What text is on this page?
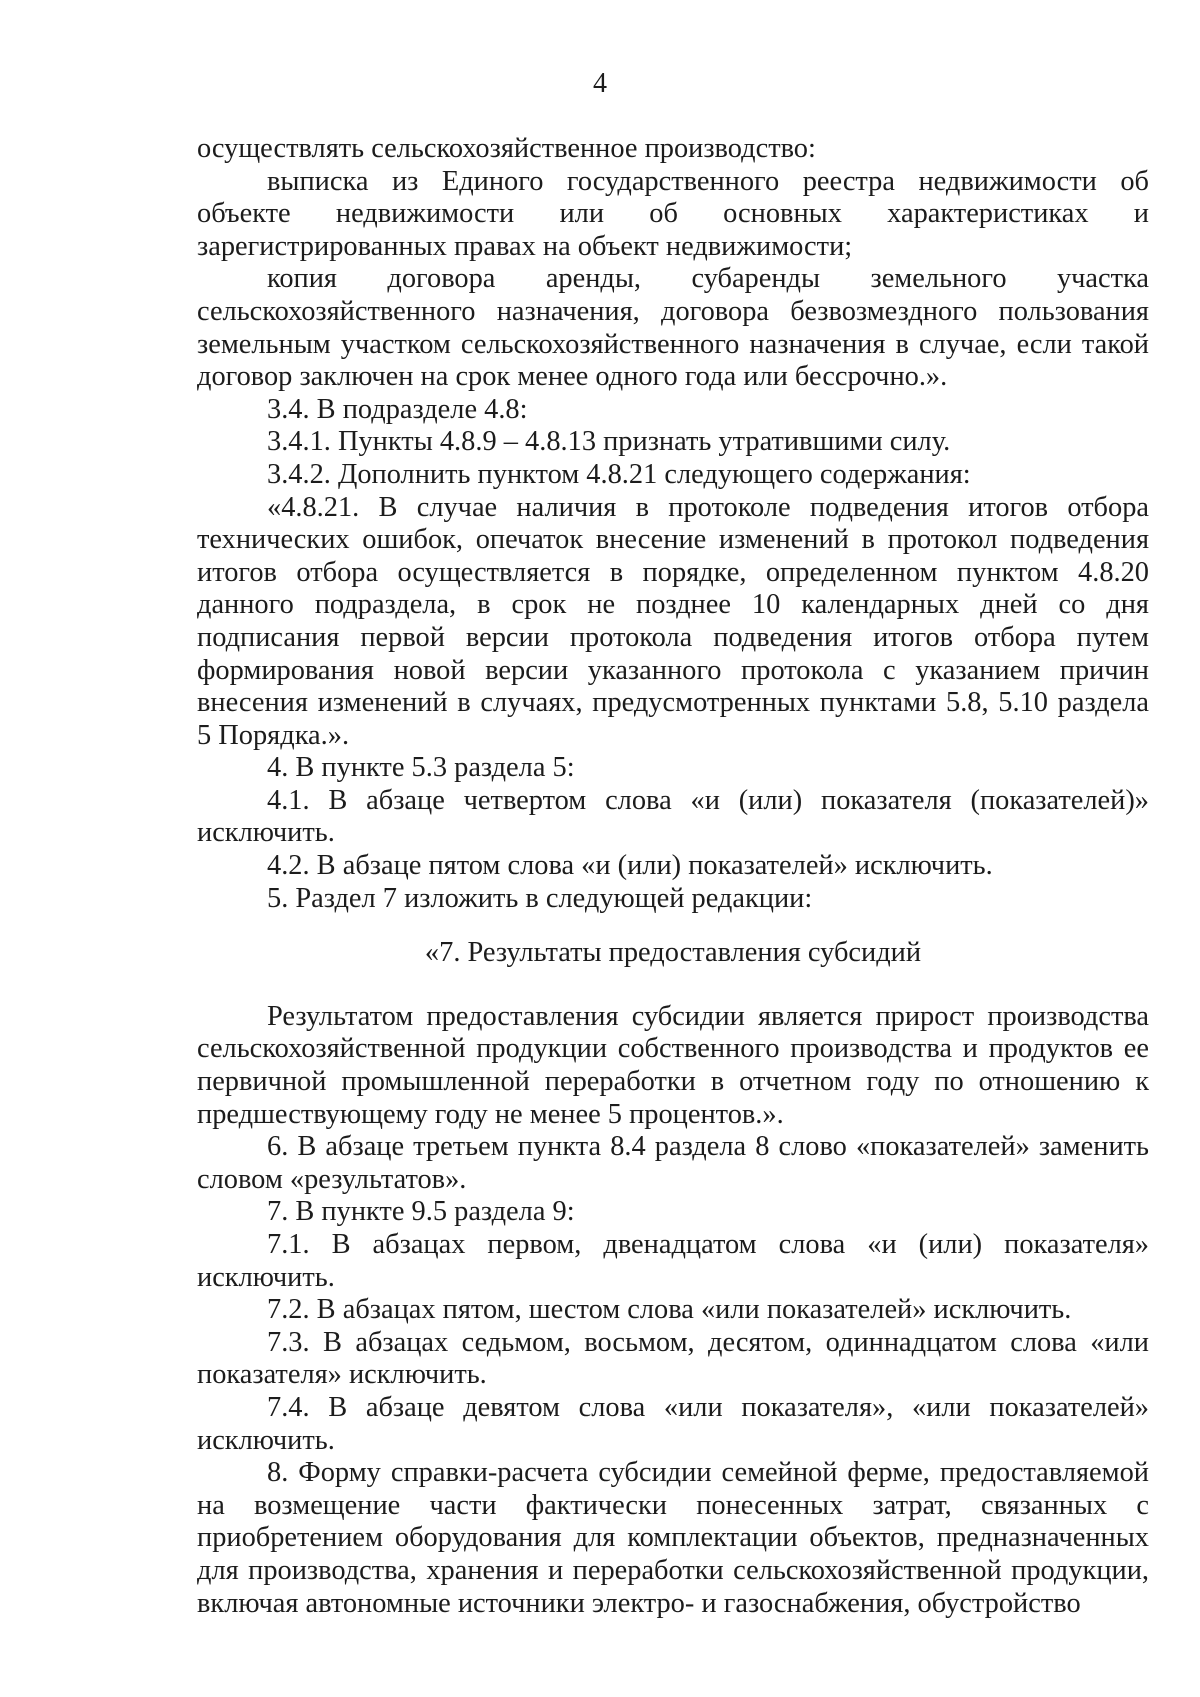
4

осуществлять сельскохозяйственное производство:

выписка из Единого государственного реестра недвижимости об объекте недвижимости или об основных характеристиках и зарегистрированных правах на объект недвижимости;

копия договора аренды, субаренды земельного участка сельскохозяйственного назначения, договора безвозмездного пользования земельным участком сельскохозяйственного назначения в случае, если такой договор заключен на срок менее одного года или бессрочно.».

3.4. В подразделе 4.8:

3.4.1. Пункты 4.8.9 – 4.8.13 признать утратившими силу.

3.4.2. Дополнить пунктом 4.8.21 следующего содержания:

«4.8.21. В случае наличия в протоколе подведения итогов отбора технических ошибок, опечаток внесение изменений в протокол подведения итогов отбора осуществляется в порядке, определенном пунктом 4.8.20 данного подраздела, в срок не позднее 10 календарных дней со дня подписания первой версии протокола подведения итогов отбора путем формирования новой версии указанного протокола с указанием причин внесения изменений в случаях, предусмотренных пунктами 5.8, 5.10 раздела 5 Порядка.».

4. В пункте 5.3 раздела 5:

4.1. В абзаце четвертом слова «и (или) показателя (показателей)» исключить.

4.2. В абзаце пятом слова «и (или) показателей» исключить.

5. Раздел 7 изложить в следующей редакции:

«7. Результаты предоставления субсидий

Результатом предоставления субсидии является прирост производства сельскохозяйственной продукции собственного производства и продуктов ее первичной промышленной переработки в отчетном году по отношению к предшествующему году не менее 5 процентов.».

6. В абзаце третьем пункта 8.4 раздела 8 слово «показателей» заменить словом «результатов».

7. В пункте 9.5 раздела 9:

7.1. В абзацах первом, двенадцатом слова «и (или) показателя» исключить.

7.2. В абзацах пятом, шестом слова «или показателей» исключить.

7.3. В абзацах седьмом, восьмом, десятом, одиннадцатом слова «или показателя» исключить.

7.4. В абзаце девятом слова «или показателя», «или показателей» исключить.

8. Форму справки-расчета субсидии семейной ферме, предоставляемой на возмещение части фактически понесенных затрат, связанных с приобретением оборудования для комплектации объектов, предназначенных для производства, хранения и переработки сельскохозяйственной продукции, включая автономные источники электро- и газоснабжения, обустройство
